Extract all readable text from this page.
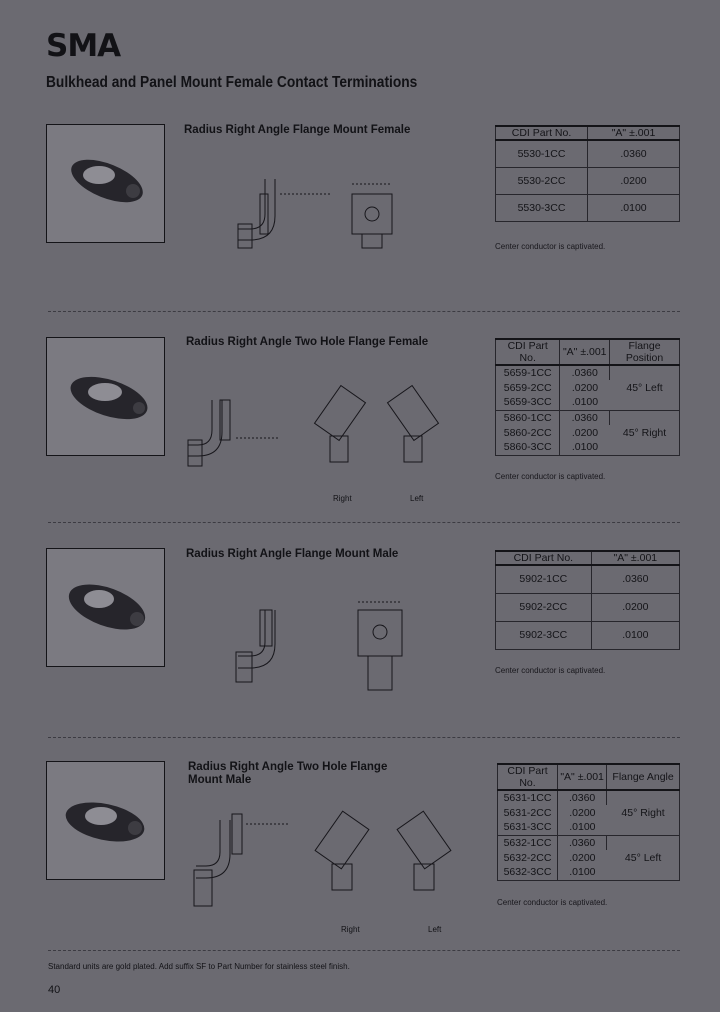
SMA
Bulkhead and Panel Mount Female Contact Terminations
Radius Right Angle Flange Mount Female	CDI Part No.	"A" ±.001
5530-1CC	.0360
5530-2CC	.0200
5530-3CC	.0100
Center conductor is captivated.
Radius Right Angle Two Hole Flange Female
Right	Left
CDI Part No.	"A" ±.001	Flange Position
5659-1CC	.0360	45° Left
5659-2CC	.0200	
5659-3CC	.0100	
5860-1CC	.0360	45° Right
5860-2CC	.0200	
5860-3CC	.0100	
Center conductor is captivated.
Radius Right Angle Flange Mount Male	CDI Part No.	"A" ±.001
5902-1CC	.0360
5902-2CC	.0200
5902-3CC	.0100
Center conductor is captivated.
Radius Right Angle Two Hole Flange Mount Male
Right	Left
CDI Part No.	"A" ±.001	Flange Angle
5631-1CC	.0360	45° Right
5631-2CC	.0200	
5631-3CC	.0100	
5632-1CC	.0360	45° Left
5632-2CC	.0200	
5632-3CC	.0100	
Center conductor is captivated.
Standard units are gold plated. Add suffix SF to Part Number for stainless steel finish.
40
